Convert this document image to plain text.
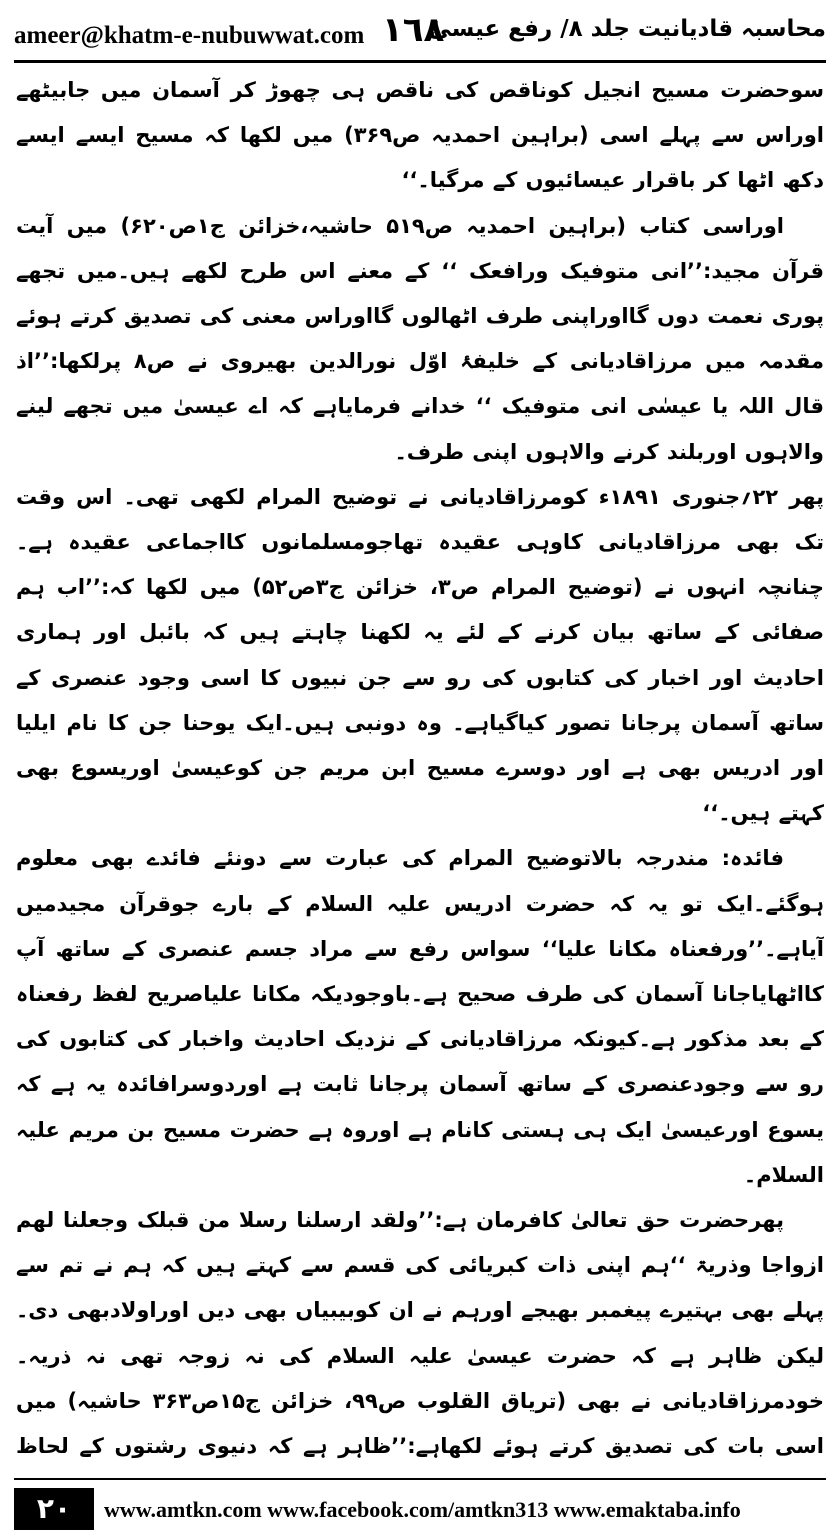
ameer@khatm-e-nubuwwat.com ١٦٨
محاسبہ قادیانیت جلد ۸/ رفع عیسیٰ

سوحضرت مسیح انجیل کوناقص کی ناقص ہی چھوڑ کر آسمان میں جابیٹھے اوراس سے پہلے اسی (براہین احمدیہ ص۳۶۹) میں لکھا کہ مسیح ایسے ایسے دکھ اٹھا کر باقرار عیسائیوں کے مرگیا۔‘‘

اوراسی کتاب (براہین احمدیہ ص۵۱۹ حاشیہ،خزائن ج۱ص۶۲۰) میں آیت قرآن مجید:’’انی متوفیک ورافعک ‘‘ کے معنے اس طرح لکھے ہیں۔میں تجھے پوری نعمت دوں گااوراپنی طرف اٹھالوں گااوراس معنی کی تصدیق کرتے ہوئے مقدمہ میں مرزاقادیانی کے خلیفۂ اوّل نورالدین بھیروی نے ص۸ پرلکھا:’’اذ قال اللہ یا عیسٰی انی متوفیک ‘‘ خدانے فرمایاہے کہ اے عیسیٰ میں تجھے لینے والاہوں اوربلند کرنے والاہوں اپنی طرف۔

پھر ۲۲؍جنوری ۱۸۹۱ء کومرزاقادیانی نے توضیح المرام لکھی تھی۔ اس وقت تک بھی مرزاقادیانی کاوہی عقیدہ تھاجومسلمانوں کااجماعی عقیدہ ہے۔چنانچہ انہوں نے (توضیح المرام ص۳، خزائن ج۳ص۵۲) میں لکھا کہ:’’اب ہم صفائی کے ساتھ بیان کرنے کے لئے یہ لکھنا چاہتے ہیں کہ بائبل اور ہماری احادیث اور اخبار کی کتابوں کی رو سے جن نبیوں کا اسی وجود عنصری کے ساتھ آسمان پرجانا تصور کیاگیاہے۔ وہ دونبی ہیں۔ایک یوحنا جن کا نام ایلیا اور ادریس بھی ہے اور دوسرے مسیح ابن مریم جن کوعیسیٰ اوریسوع بھی کہتے ہیں۔‘‘

فائدہ: مندرجہ بالاتوضیح المرام کی عبارت سے دونئے فائدے بھی معلوم ہوگئے۔ایک تو یہ کہ حضرت ادریس علیہ السلام کے بارے جوقرآن مجیدمیں آیاہے۔’’ورفعناہ مکانا علیا‘‘ سواس رفع سے مراد جسم عنصری کے ساتھ آپ کااٹھایاجانا آسمان کی طرف صحیح ہے۔باوجودیکہ مکانا علیاصریح لفظ رفعناہ کے بعد مذکور ہے۔کیونکہ مرزاقادیانی کے نزدیک احادیث واخبار کی کتابوں کی رو سے وجودعنصری کے ساتھ آسمان پرجانا ثابت ہے اوردوسرافائدہ یہ ہے کہ یسوع اورعیسیٰ ایک ہی ہستی کانام ہے اوروہ ہے حضرت مسیح بن مریم علیہ السلام۔

پھرحضرت حق تعالیٰ کافرمان ہے:’’ولقد ارسلنا رسلا من قبلک وجعلنا لھم ازواجا وذریۃ ‘‘ہم اپنی ذات کبریائی کی قسم سے کہتے ہیں کہ ہم نے تم سے پہلے بھی بہتیرے پیغمبر بھیجے اورہم نے ان کوبیبیاں بھی دیں اوراولادبھی دی۔لیکن ظاہر ہے کہ حضرت عیسیٰ علیہ السلام کی نہ زوجہ تھی نہ ذریہ۔خودمرزاقادیانی نے بھی (تریاق القلوب ص۹۹، خزائن ج۱۵ص۳۶۳ حاشیہ) میں اسی بات کی تصدیق کرتے ہوئے لکھاہے:’’ظاہر ہے کہ دنیوی رشتوں کے لحاظ

۲۰	www.amtkn.com www.facebook.com/amtkn313 www.emaktaba.info
